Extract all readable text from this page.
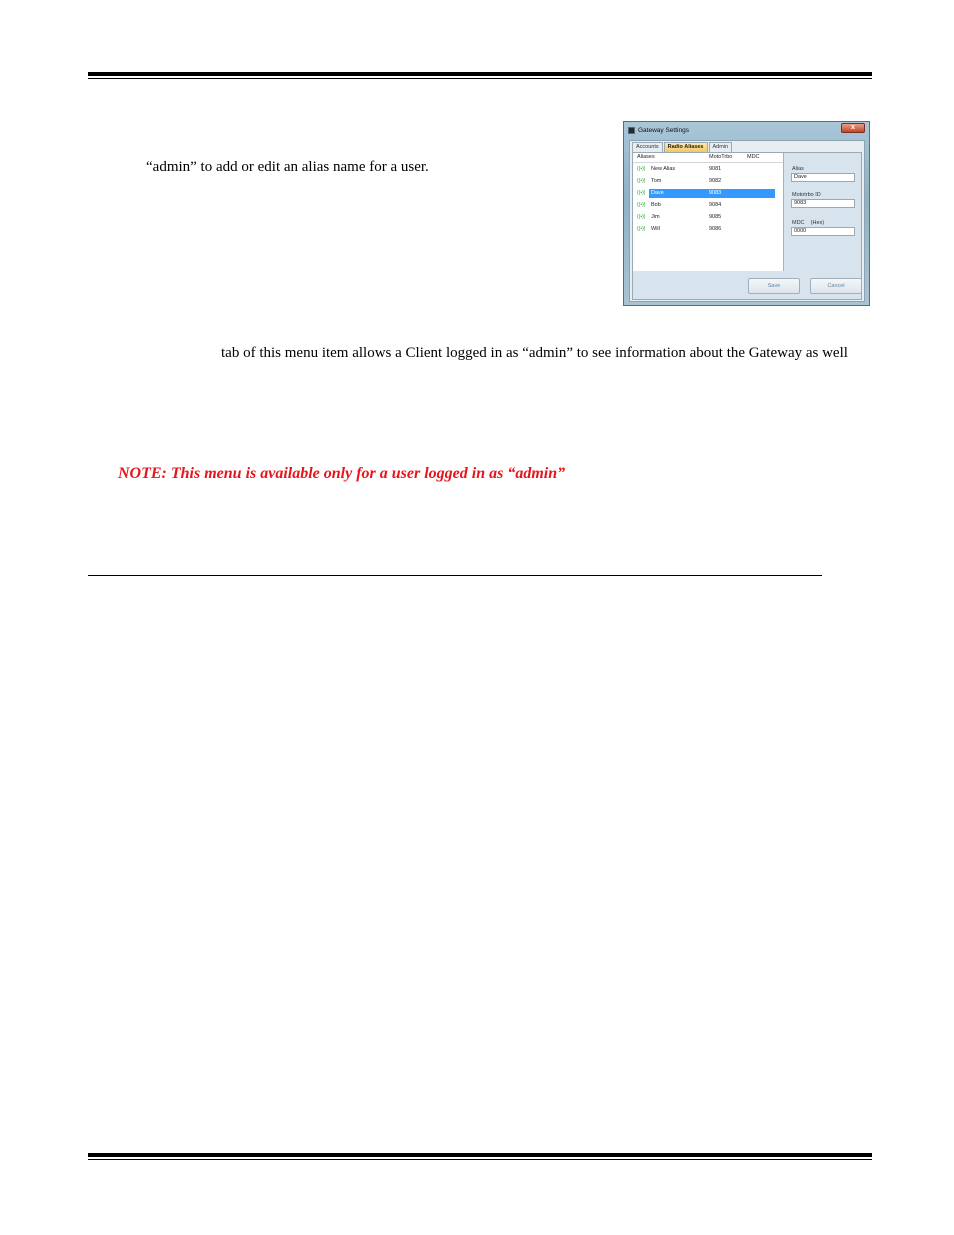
“admin” to add or edit an alias name for a user.
Gateway Settings	x
Accounts	Radio Aliases	Admin
Aliases	MotoTrbo	MDC
((•)) New Alias	9081
((•)) Tom	9082
((•)) Dave	9083
((•)) Bob	9084
((•)) Jim	9085
((•)) Will	9086
Alias
Dave
Mototrbo ID
9083
MDC    (Hex)
0000
Save	Cancel
tab of this menu item allows a Client logged in as “admin” to see information about the Gateway as well
NOTE: This menu is available only for a user logged in as “admin”
